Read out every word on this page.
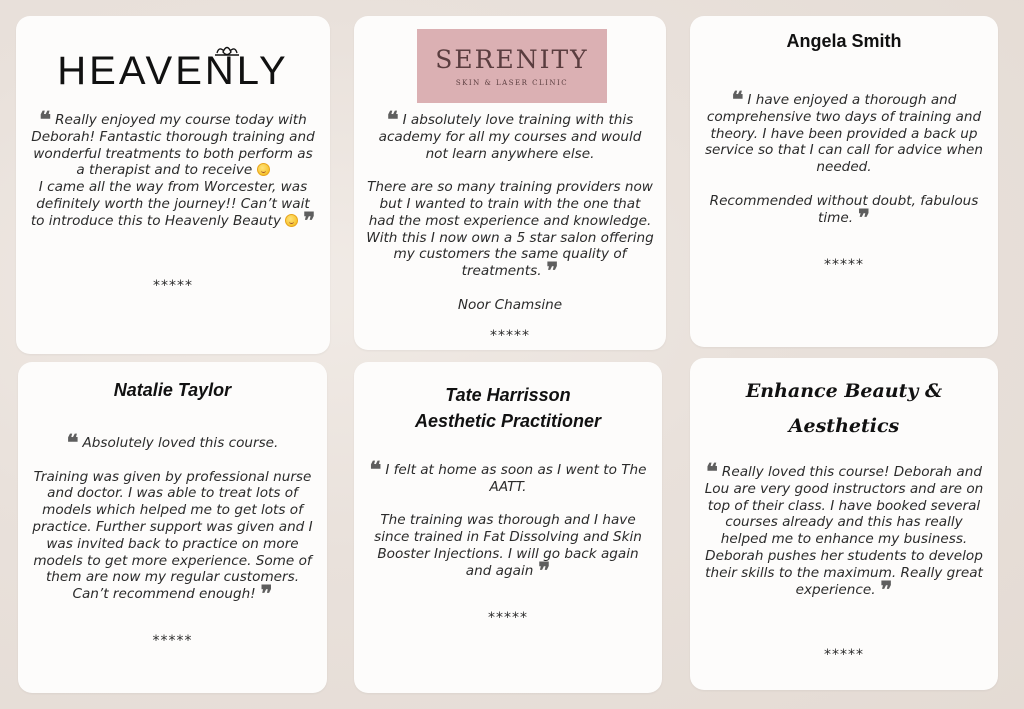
HEAVENLY

❝ Really enjoyed my course today with Deborah! Fantastic thorough training and wonderful treatments to both perform as a therapist and to receive

I came all the way from Worcester, was definitely worth the journey!! Can’t wait to introduce this to Heavenly Beauty ❞

*****
SERENITY
SKIN & LASER CLINIC

❝ I absolutely love training with this academy for all my courses and would not learn anywhere else.

There are so many training providers now but I wanted to train with the one that had the most experience and knowledge. With this I now own a 5 star salon offering my customers the same quality of treatments. ❞

Noor Chamsine

*****
Angela Smith

❝ I have enjoyed a thorough and comprehensive two days of training and theory. I have been provided a back up service so that I can call for advice when needed.

Recommended without doubt, fabulous time. ❞

*****
Natalie Taylor

❝ Absolutely loved this course.

Training was given by professional nurse and doctor. I was able to treat lots of models which helped me to get lots of practice. Further support was given and I was invited back to practice on more models to get more experience. Some of them are now my regular customers. Can’t recommend enough! ❞

*****
Tate Harrisson
Aesthetic Practitioner

❝ I felt at home as soon as I went to The AATT.

The training was thorough and I have since trained in Fat Dissolving and Skin Booster Injections. I will go back again and again ❞

*****
Enhance Beauty &
Aesthetics

❝ Really loved this course! Deborah and Lou are very good instructors and are on top of their class. I have booked several courses already and this has really helped me to enhance my business. Deborah pushes her students to develop their skills to the maximum. Really great experience. ❞

*****
